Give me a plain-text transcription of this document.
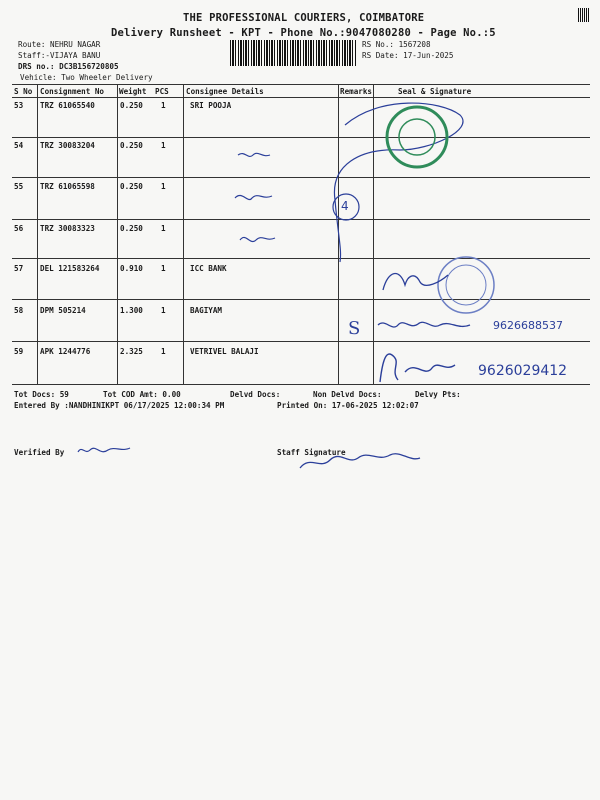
THE PROFESSIONAL COURIERS, COIMBATORE
Delivery Runsheet - KPT - Phone No.:9047080280 - Page No.:5
Route: NEHRU NAGAR
Staff:-VIJAYA BANU
DRS no.: DC3B156720805
Vehicle: Two Wheeler Delivery
RS No.: 1567208
RS Date: 17-Jun-2025
S No Consignment No Weight PCS Consignee Details	Remarks	Seal & Signature
53 TRZ 61065540	0.250 1	SRI POOJA
54 TRZ 30083204	0.250 1
55 TRZ 61065598	0.250 1
56 TRZ 30083323	0.250 1
57 DEL 121583264	0.910 1	ICC BANK
58 DPM 505214	1.300 1	BAGIYAM
S
59 APK 1244776	2.325 1	VETRIVEL BALAJI
4
9626688537
9626029412
Tot Docs: 59	Tot COD Amt: 0.00	Delvd Docs:	Non Delvd Docs:	Delvy Pts:
Entered By :NANDHINIKPT 06/17/2025 12:00:34 PM	Printed On: 17-06-2025 12:02:07
Verified By	Staff Signature
